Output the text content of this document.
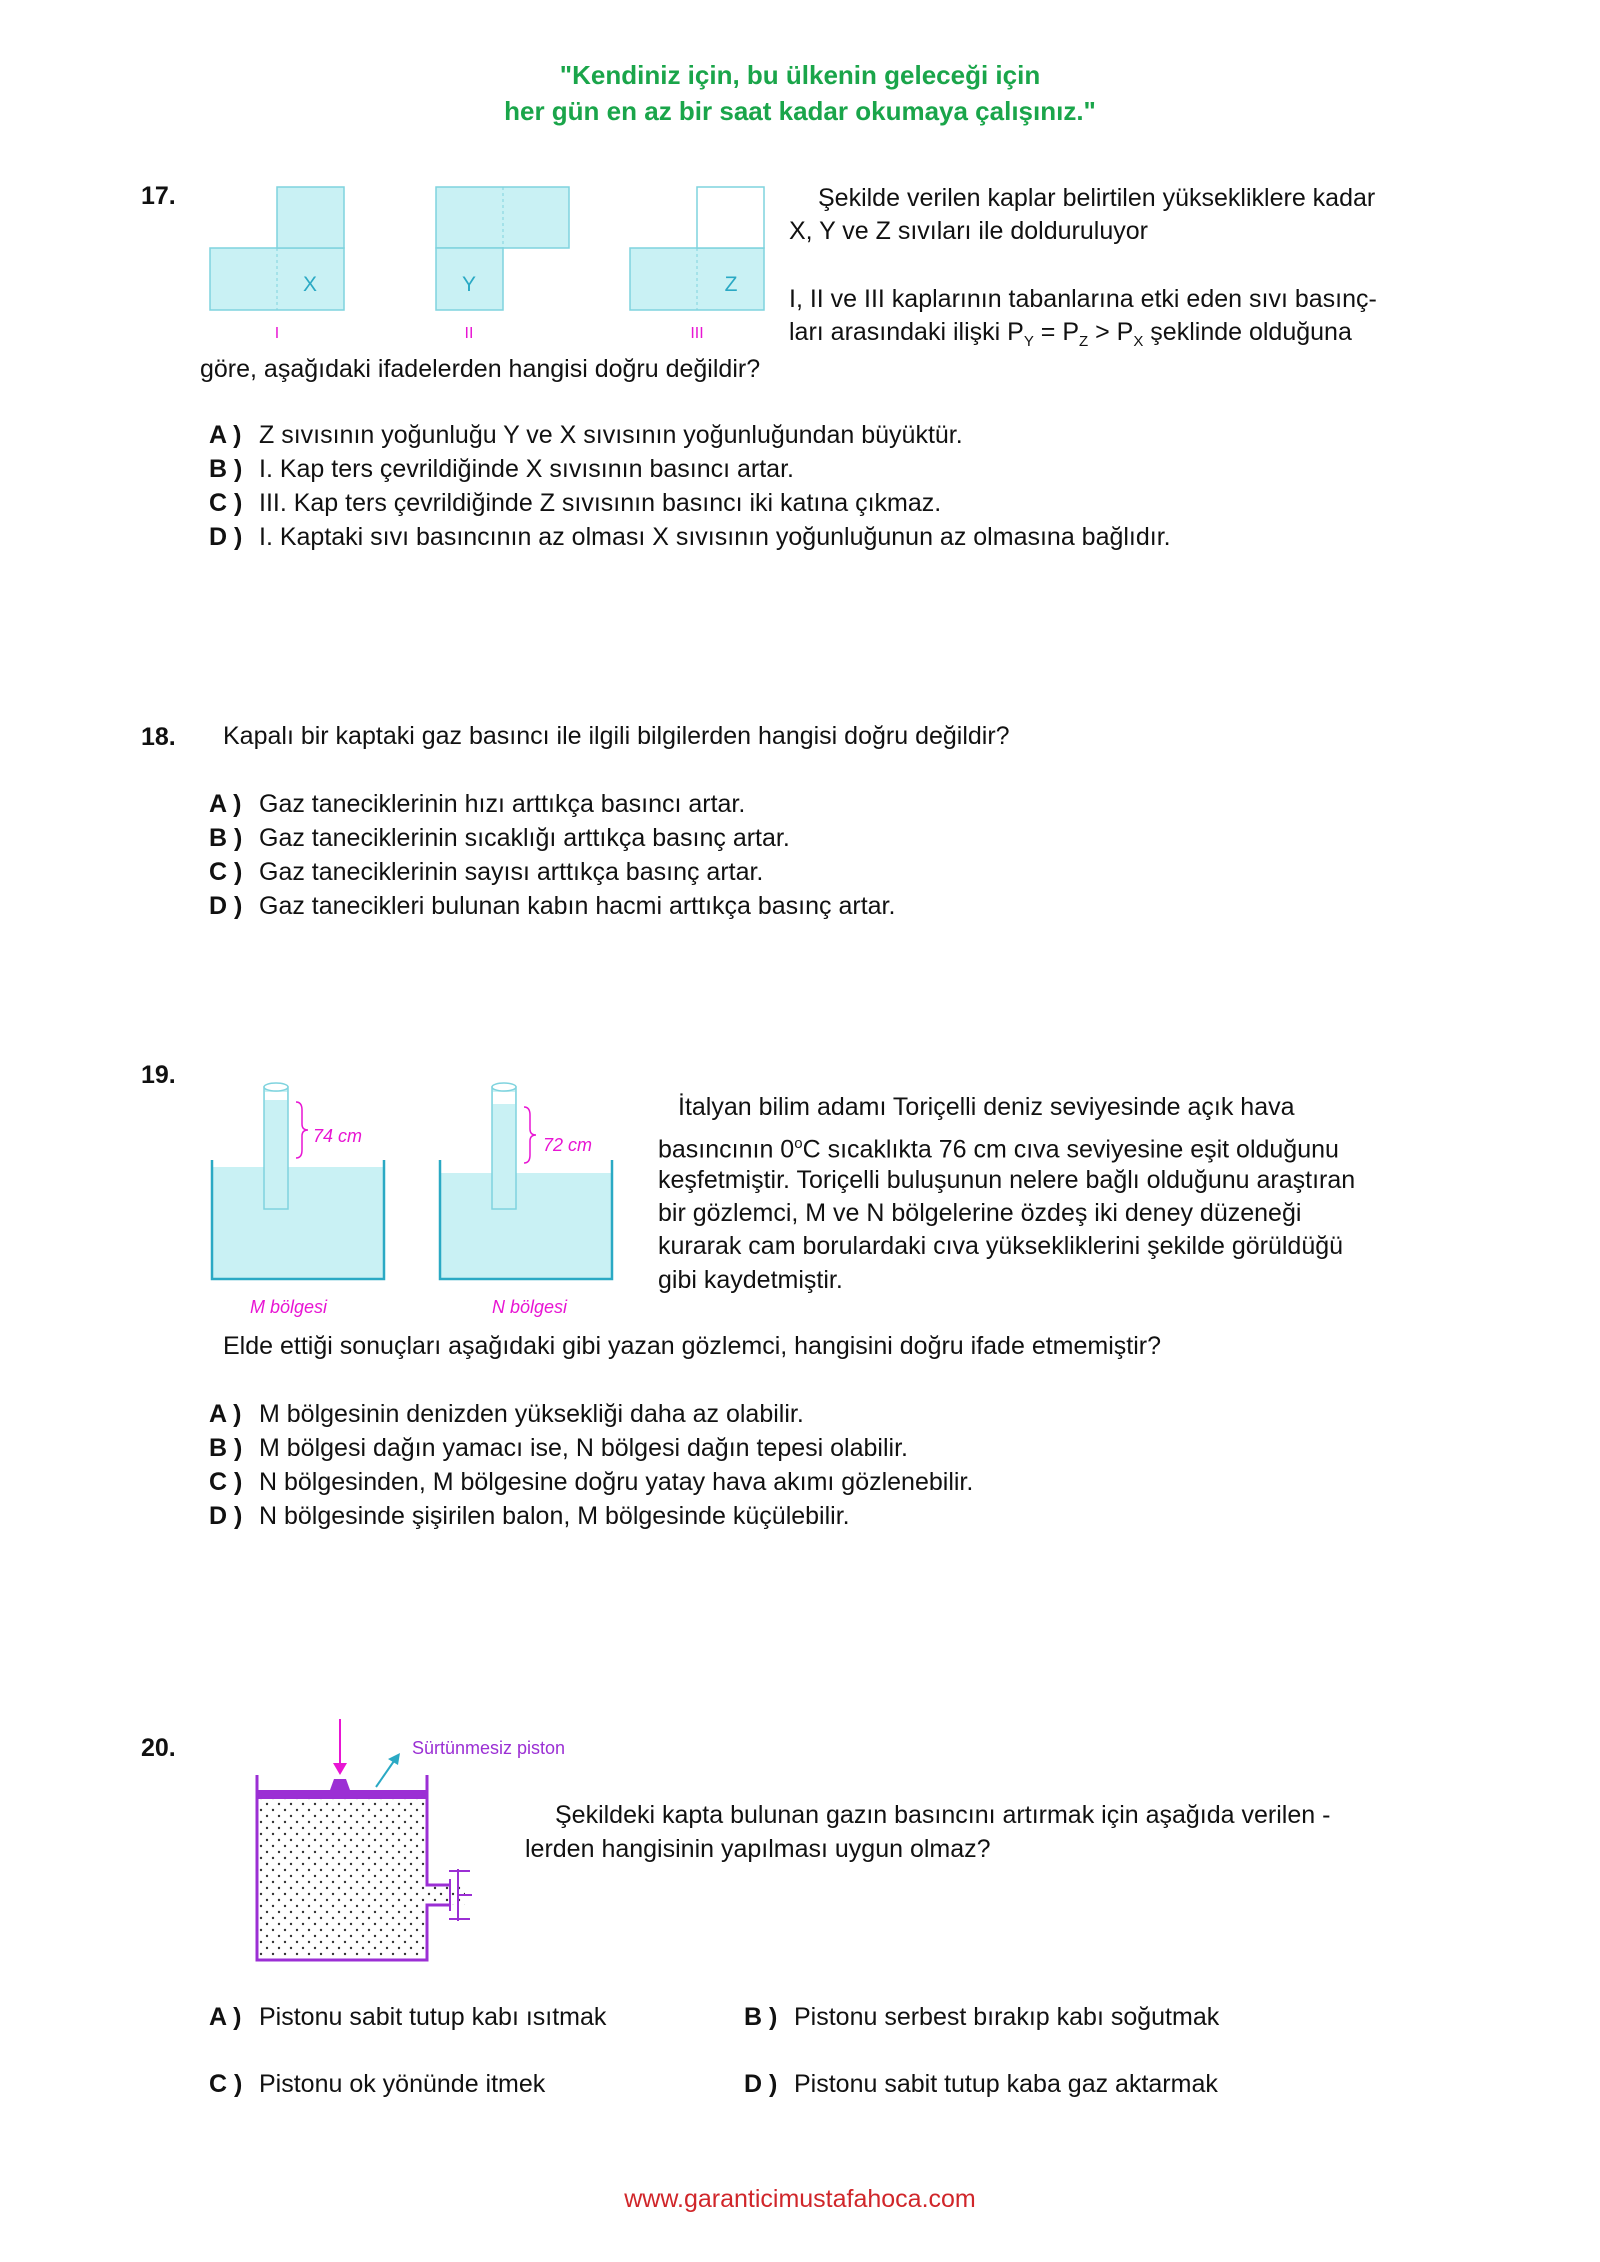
"Kendiniz için, bu ülkenin geleceği için
her gün en az bir saat kadar okumaya çalışınız."
17.
X	Y	Z
I	II	III
Şekilde verilen kaplar belirtilen yüksekliklere kadar
X, Y ve Z sıvıları ile dolduruluyor
I, II ve III kaplarının tabanlarına etki eden sıvı basınç-
ları arasındaki ilişki $P_Y = P_Z > P_X$ şeklinde olduğuna
göre, aşağıdaki ifadelerden hangisi doğru değildir?
A ) Z sıvısının yoğunluğu Y ve X sıvısının yoğunluğundan büyüktür.
B ) I. Kap ters çevrildiğinde X sıvısının basıncı artar.
C ) III. Kap ters çevrildiğinde Z sıvısının basıncı iki katına çıkmaz.
D ) I. Kaptaki sıvı basıncının az olması X sıvısının yoğunluğunun az olmasına bağlıdır.
18. Kapalı bir kaptaki gaz basıncı ile ilgili bilgilerden hangisi doğru değildir?
A ) Gaz taneciklerinin hızı arttıkça basıncı artar.
B ) Gaz taneciklerinin sıcaklığı arttıkça basınç artar.
C ) Gaz taneciklerinin sayısı arttıkça basınç artar.
D ) Gaz tanecikleri bulunan kabın hacmi arttıkça basınç artar.
19.
74 cm
M bölgesi
72 cm
N bölgesi
İtalyan bilim adamı Toriçelli deniz seviyesinde açık hava
basıncının 0$^o$C sıcaklıkta 76 cm cıva seviyesine eşit olduğunu
keşfetmiştir. Toriçelli buluşunun nelere bağlı olduğunu araştıran
bir gözlemci, M ve N bölgelerine özdeş iki deney düzeneği
kurarak cam borulardaki cıva yüksekliklerini şekilde görüldüğü
gibi kaydetmiştir.
Elde ettiği sonuçları aşağıdaki gibi yazan gözlemci, hangisini doğru ifade etmemiştir?
A ) M bölgesinin denizden yüksekliği daha az olabilir.
B ) M bölgesi dağın yamacı ise, N bölgesi dağın tepesi olabilir.
C ) N bölgesinden, M bölgesine doğru yatay hava akımı gözlenebilir.
D ) N bölgesinde şişirilen balon, M bölgesinde küçülebilir.
20.	Sürtünmesiz piston
Şekildeki kapta bulunan gazın basıncını artırmak için aşağıda verilen -
lerden hangisinin yapılması uygun olmaz?
A ) Pistonu sabit tutup kabı ısıtmak	B ) Pistonu serbest bırakıp kabı soğutmak
C ) Pistonu ok yönünde itmek	D ) Pistonu sabit tutup kaba gaz aktarmak
www.garanticimustafahoca.com
